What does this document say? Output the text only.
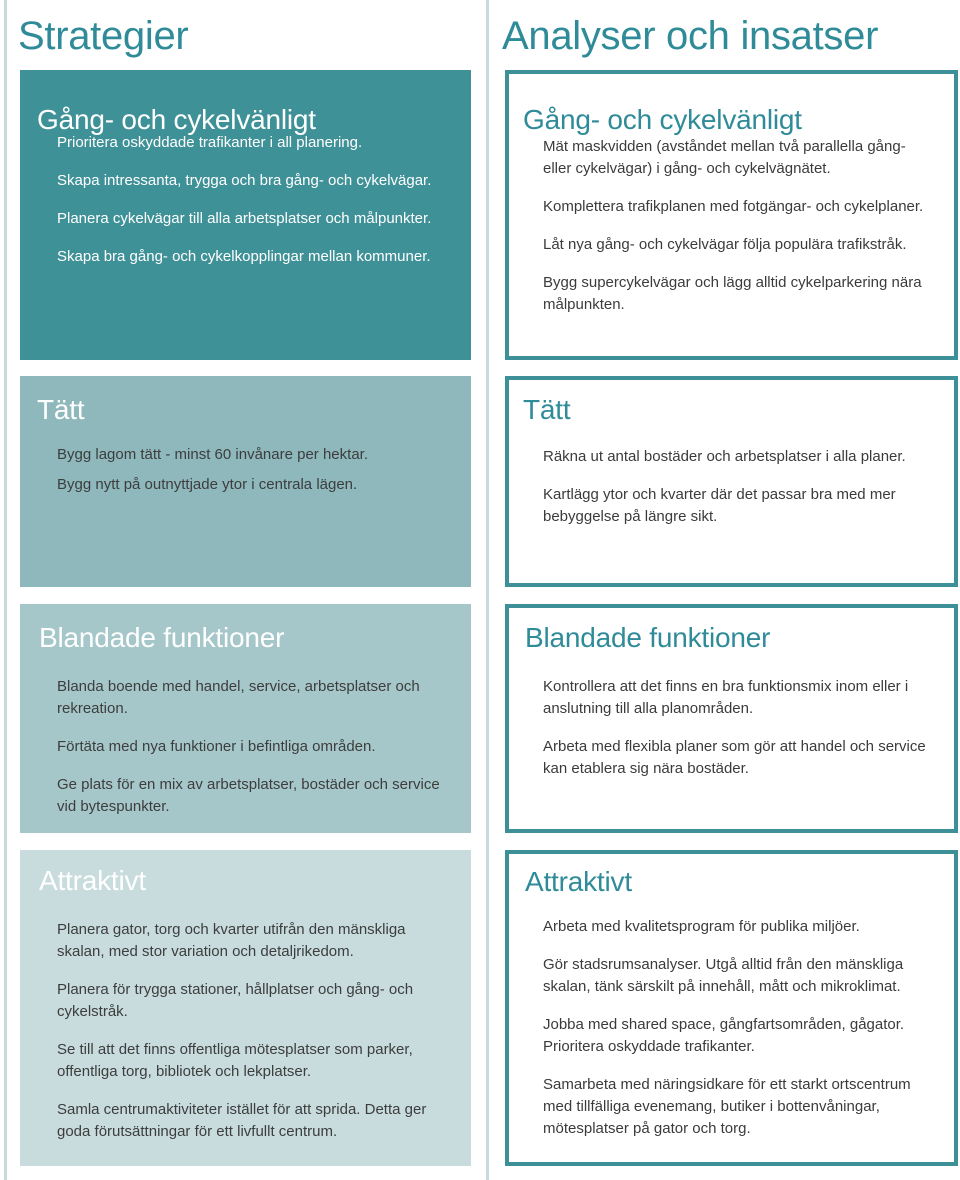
Strategier	Analyser och insatser
Gång- och cykelvänligt
Prioritera oskyddade trafikanter i all planering.
Skapa intressanta, trygga och bra gång- och cykelvägar.
Planera cykelvägar till alla arbetsplatser och målpunkter.
Skapa bra gång- och cykelkopplingar mellan kommuner.
Tätt
Bygg lagom tätt - minst 60 invånare per hektar.
Bygg nytt på outnyttjade ytor i centrala lägen.
Blandade funktioner
Blanda boende med handel, service, arbetsplatser och rekreation.
Förtäta med nya funktioner i befintliga områden.
Ge plats för en mix av arbetsplatser, bostäder och service vid bytespunkter.
Attraktivt
Planera gator, torg och kvarter utifrån den mänskliga skalan, med stor variation och detaljrikedom.
Planera för trygga stationer, hållplatser och gång- och cykelstråk.
Se till att det finns offentliga mötesplatser som parker, offentliga torg, bibliotek och lekplatser.
Samla centrumaktiviteter istället för att sprida. Detta ger goda förutsättningar för ett livfullt centrum.
Gång- och cykelvänligt
Mät maskvidden (avståndet mellan två parallella gång- eller cykelvägar) i gång- och cykelvägnätet.
Komplettera trafikplanen med fotgängar- och cykelplaner.
Låt nya gång- och cykelvägar följa populära trafikstråk.
Bygg supercykelvägar och lägg alltid cykelparkering nära målpunkten.
Tätt
Räkna ut antal bostäder och arbetsplatser i alla planer.
Kartlägg ytor och kvarter där det passar bra med mer bebyggelse på längre sikt.
Blandade funktioner
Kontrollera att det finns en bra funktionsmix inom eller i anslutning till alla planområden.
Arbeta med flexibla planer som gör att handel och service kan etablera sig nära bostäder.
Attraktivt
Arbeta med kvalitetsprogram för publika miljöer.
Gör stadsrumsanalyser. Utgå alltid från den mänskliga skalan, tänk särskilt på innehåll, mått och mikroklimat.
Jobba med shared space, gångfartsområden, gågator. Prioritera oskyddade trafikanter.
Samarbeta med näringsidkare för ett starkt ortscentrum med tillfälliga evenemang, butiker i bottenvåningar, mötesplatser på gator och torg.
